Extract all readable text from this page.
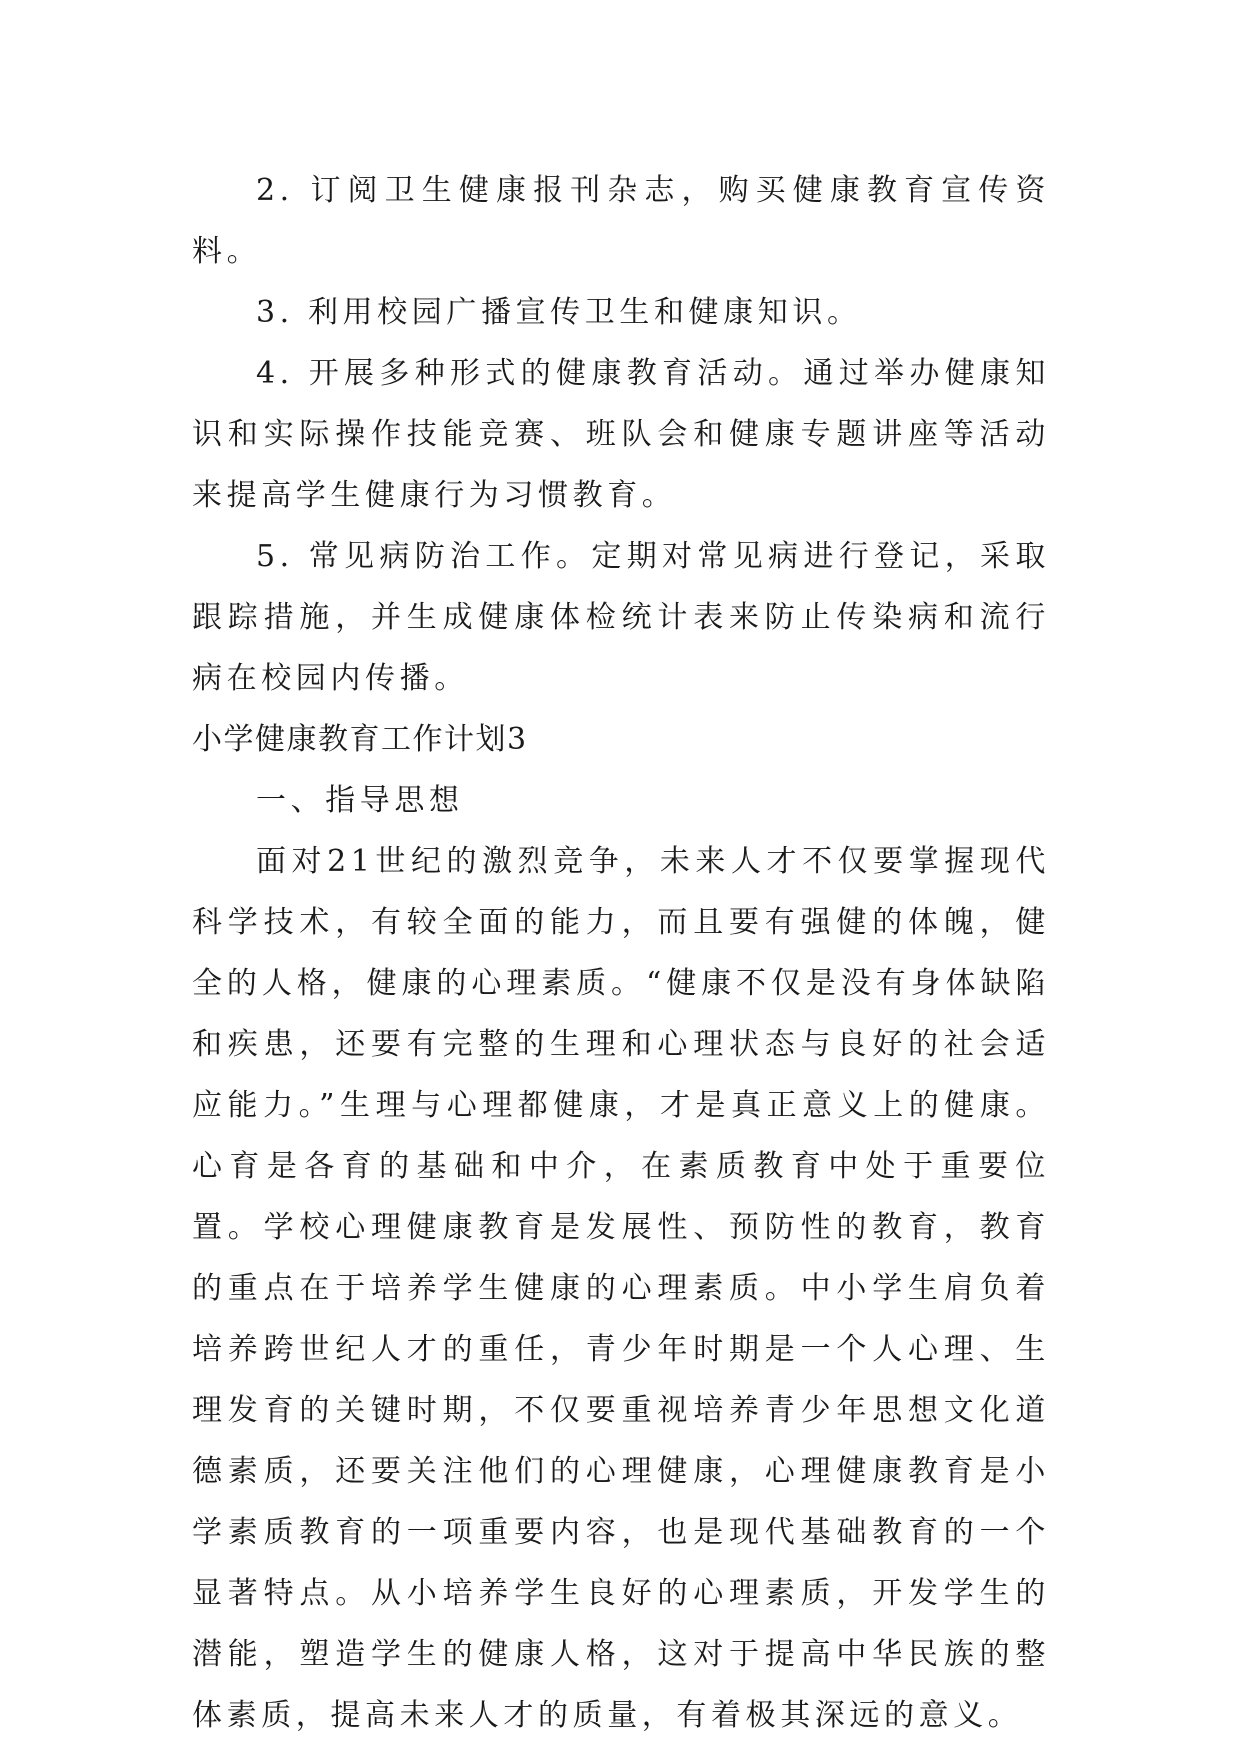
2. 订阅卫生健康报刊杂志，购买健康教育宣传资料。

3. 利用校园广播宣传卫生和健康知识。

4. 开展多种形式的健康教育活动。通过举办健康知识和实际操作技能竞赛、班队会和健康专题讲座等活动来提高学生健康行为习惯教育。

5. 常见病防治工作。定期对常见病进行登记，采取跟踪措施，并生成健康体检统计表来防止传染病和流行病在校园内传播。

小学健康教育工作计划3

一、指导思想

面对21世纪的激烈竞争，未来人才不仅要掌握现代科学技术，有较全面的能力，而且要有强健的体魄，健全的人格，健康的心理素质。“健康不仅是没有身体缺陷和疾患，还要有完整的生理和心理状态与良好的社会适应能力。”生理与心理都健康，才是真正意义上的健康。心育是各育的基础和中介，在素质教育中处于重要位置。学校心理健康教育是发展性、预防性的教育，教育的重点在于培养学生健康的心理素质。中小学生肩负着培养跨世纪人才的重任，青少年时期是一个人心理、生理发育的关键时期，不仅要重视培养青少年思想文化道德素质，还要关注他们的心理健康，心理健康教育是小学素质教育的一项重要内容，也是现代基础教育的一个显著特点。从小培养学生良好的心理素质，开发学生的潜能，塑造学生的健康人格，这对于提高中华民族的整体素质，提高未来人才的质量，有着极其深远的意义。
